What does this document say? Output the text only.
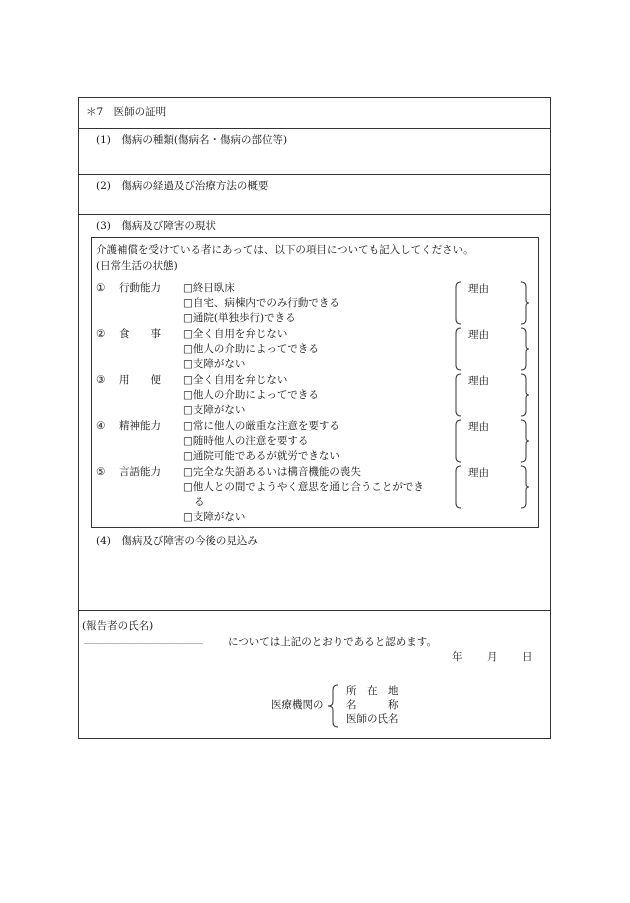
＊7　医師の証明
(1)　傷病の種類(傷病名・傷病の部位等)
(2)　傷病の経過及び治療方法の概要
(3)　傷病及び障害の現状
介護補償を受けている者にあっては、以下の項目についても記入してください。
(日常生活の状態)
① 行動能力 □終日臥床
□自宅、病棟内でのみ行動できる
□通院(単独歩行)できる
② 食　　事 □全く自用を弁じない
□他人の介助によってできる
□支障がない
③ 用　　便 □全く自用を弁じない
□他人の介助によってできる
□支障がない
④ 精神能力 □常に他人の厳重な注意を要する
□随時他人の注意を要する
□通院可能であるが就労できない
⑤ 言語能力 □完全な失語あるいは構音機能の喪失
□他人との間でようやく意思を通じ合うことができ
る
□支障がない
理由
理由
理由
理由
理由
(4)　傷病及び障害の今後の見込み
(報告者の氏名)
______________________ については上記のとおりであると認めます。
年 月 日
医療機関の
所　在　地
名　　　称
医師の氏名
